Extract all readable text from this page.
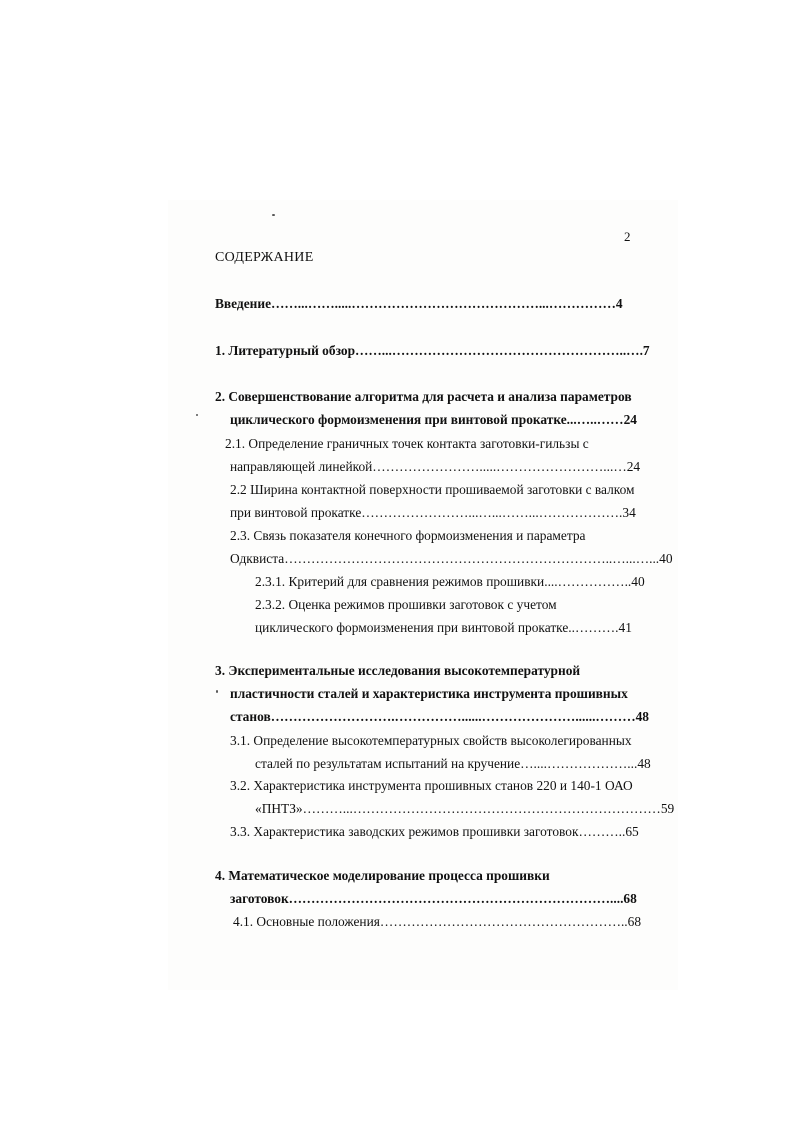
2
СОДЕРЖАНИЕ
Введение……...…….....……………………………………...……………4
1. Литературный обзор……...……………………………………………..….7
2. Совершенствование алгоритма для расчета и анализа параметров
циклического формоизменения при винтовой прокатке...…..……24
2.1. Определение граничных точек контакта заготовки-гильзы с
направляющей линейкой…………………….....……………………...…24
2.2 Ширина контактной поверхности прошиваемой заготовки с валком
при винтовой прокатке……………………...…...……...……………….34
2.3. Связь показателя конечного формоизменения и параметра
Одквиста………………………………………………………………..…...…...40
2.3.1. Критерий для сравнения режимов прошивки....……………..40
2.3.2. Оценка режимов прошивки заготовок с учетом
циклического формоизменения при винтовой прокатке..……….41
3. Экспериментальные исследования высокотемпературной
пластичности сталей и характеристика инструмента прошивных
станов……………………….……………......…………………......………48
3.1. Определение высокотемпературных свойств высоколегированных
сталей по результатам испытаний на кручение…....………………...48
3.2. Характеристика инструмента прошивных станов 220 и 140-1 ОАО
«ПНТЗ»………...……………………………………………………………59
3.3. Характеристика заводских режимов прошивки заготовок………..65
4. Математическое моделирование процесса прошивки
заготовок………………………………………………………………....68
4.1. Основные положения………………………………………………..68
